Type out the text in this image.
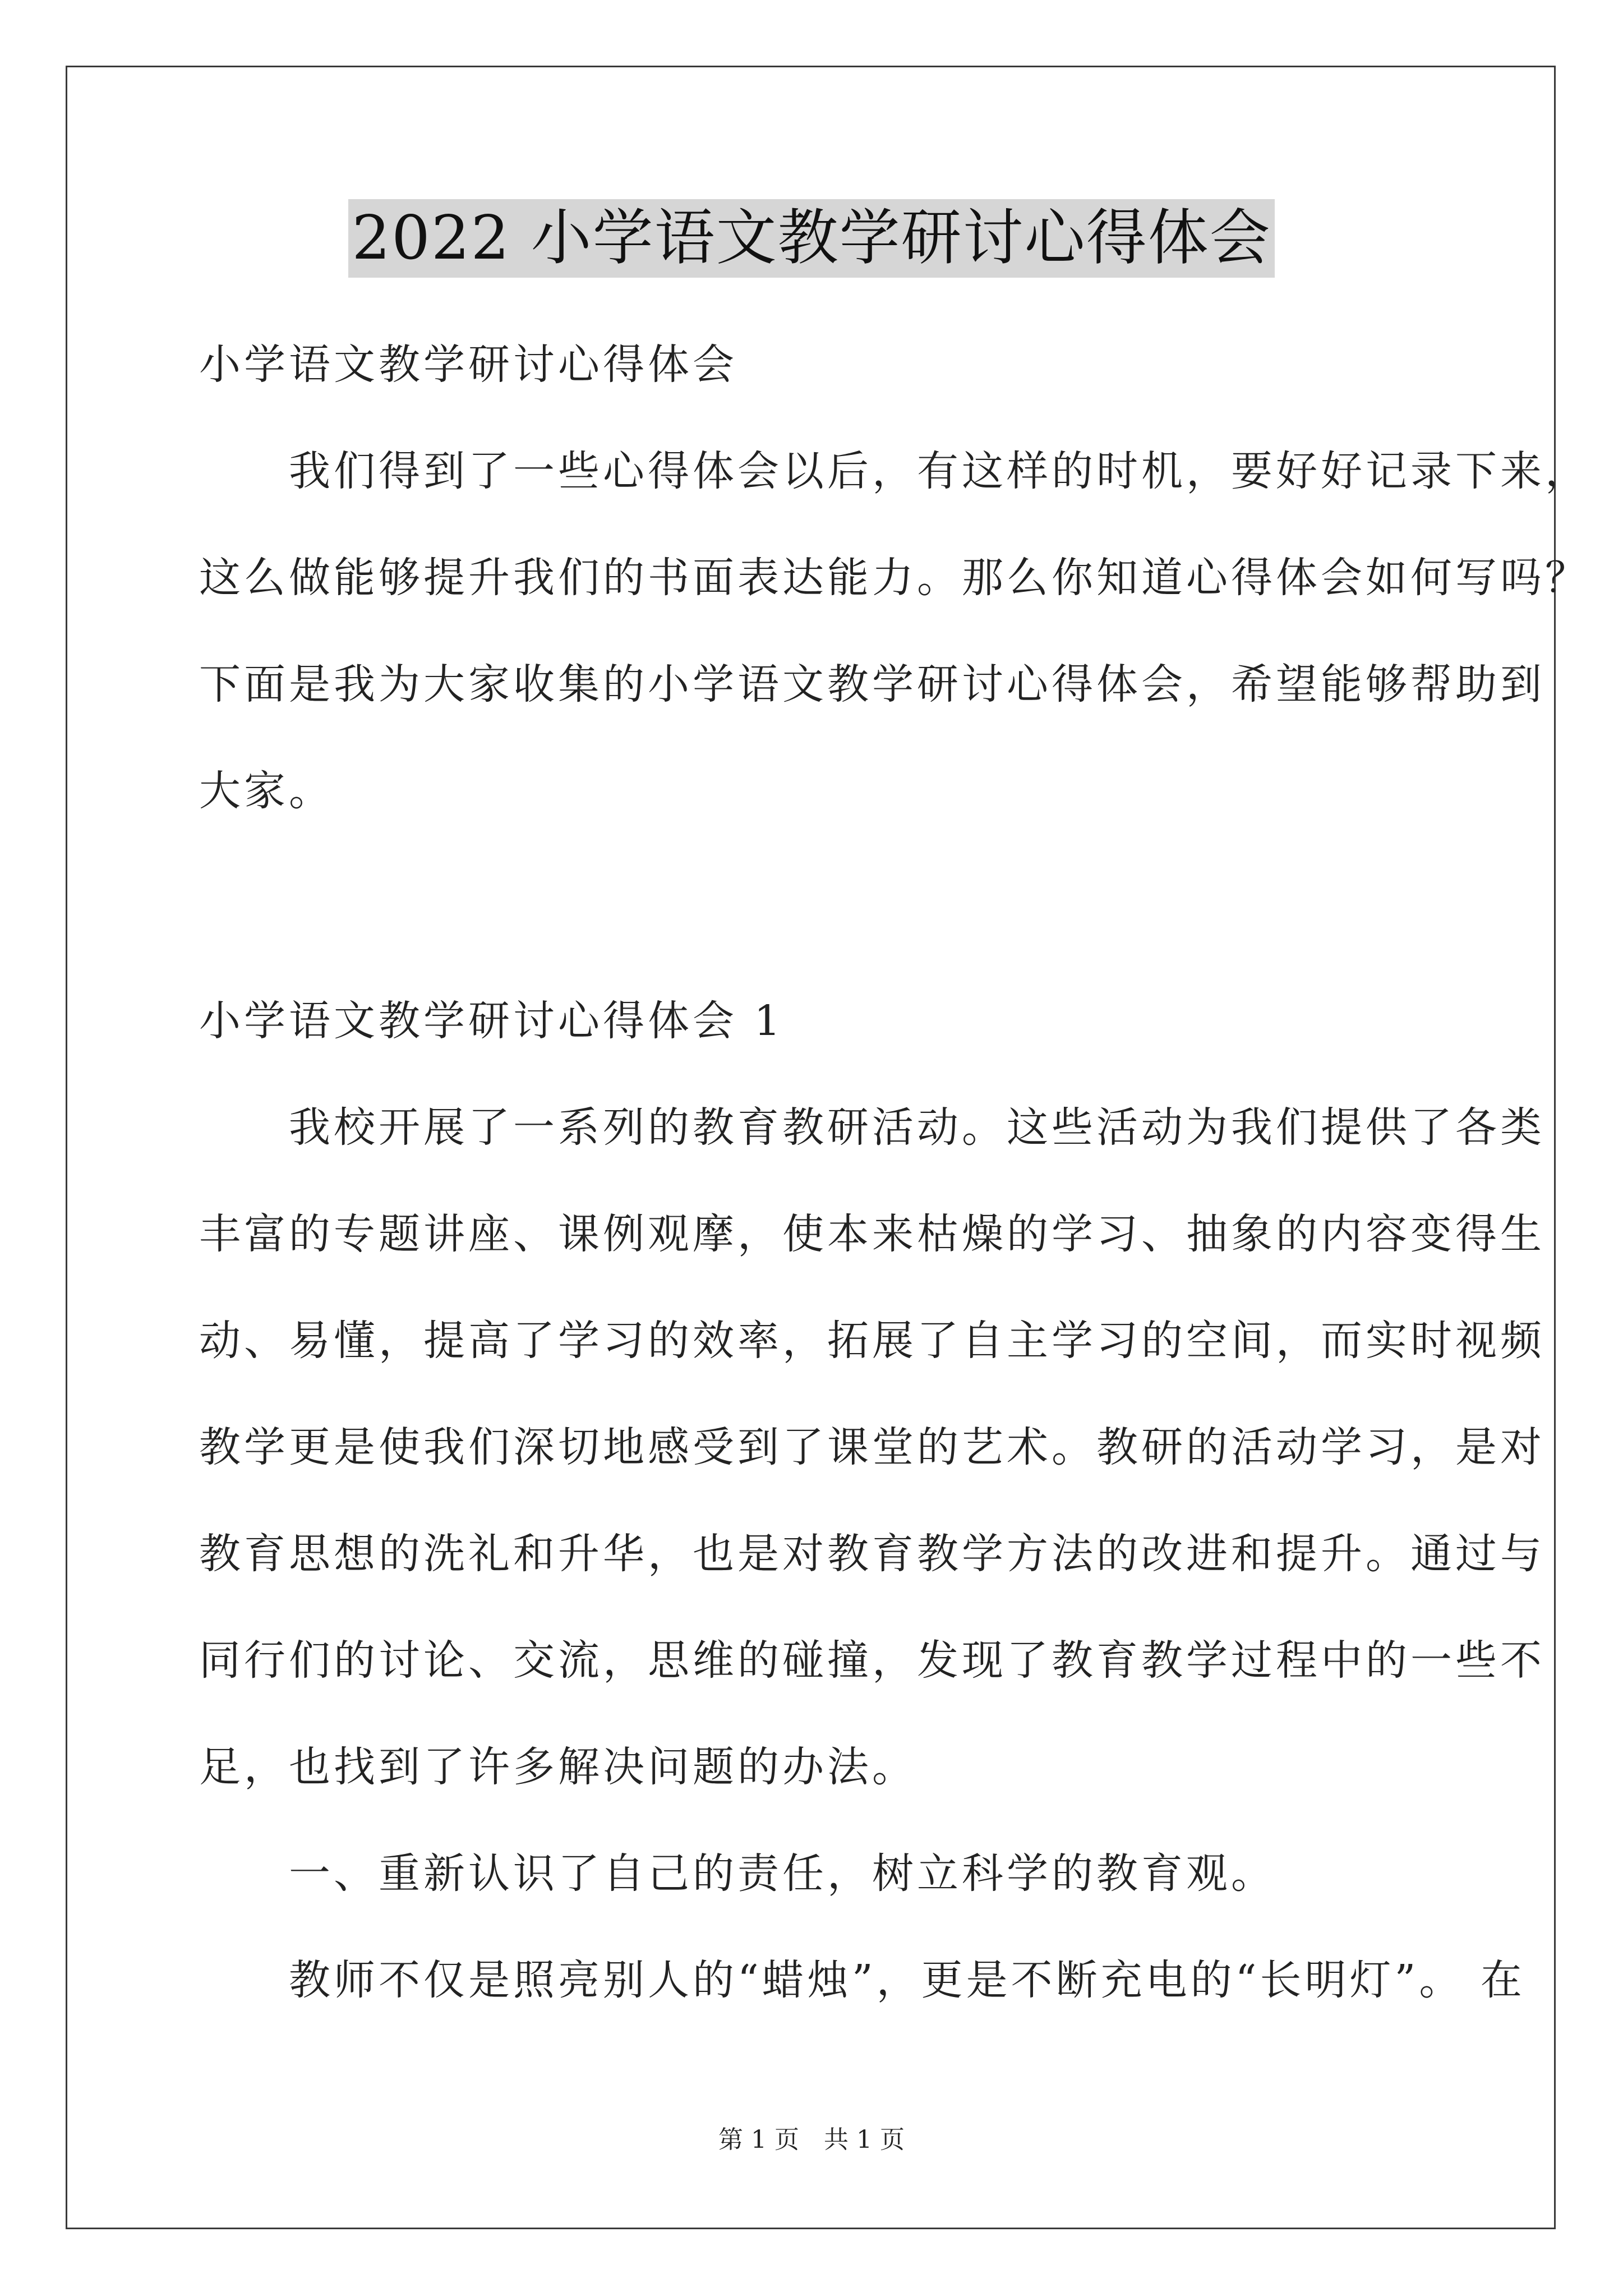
2022 小学语文教学研讨心得体会
小学语文教学研讨心得体会
　　我们得到了一些心得体会以后，有这样的时机，要好好记录下来，
这么做能够提升我们的书面表达能力。那么你知道心得体会如何写吗？
下面是我为大家收集的小学语文教学研讨心得体会，希望能够帮助到
大家。
小学语文教学研讨心得体会 1
　　我校开展了一系列的教育教研活动。这些活动为我们提供了各类
丰富的专题讲座、课例观摩，使本来枯燥的学习、抽象的内容变得生
动、易懂，提高了学习的效率，拓展了自主学习的空间，而实时视频
教学更是使我们深切地感受到了课堂的艺术。教研的活动学习，是对
教育思想的洗礼和升华，也是对教育教学方法的改进和提升。通过与
同行们的讨论、交流，思维的碰撞，发现了教育教学过程中的一些不
足，也找到了许多解决问题的办法。
　　一、重新认识了自己的责任，树立科学的教育观。
　　教师不仅是照亮别人的“蜡烛”，更是不断充电的“长明灯”。 在
第 1 页　共 1 页
